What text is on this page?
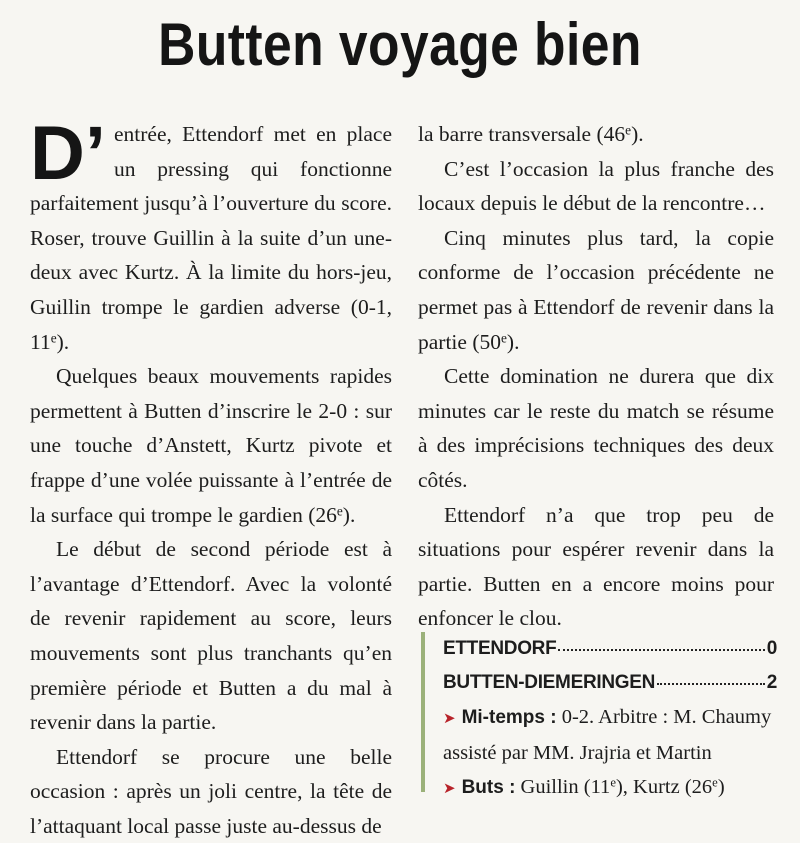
Butten voyage bien

D’ entrée, Ettendorf met en place un pressing qui fonctionne parfaitement jusqu’à l’ouverture du score. Roser, trouve Guillin à la suite d’un une-deux avec Kurtz. À la limite du hors-jeu, Guillin trompe le gardien adverse (0-1, 11e).

Quelques beaux mouvements rapides permettent à Butten d’inscrire le 2-0 : sur une touche d’Anstett, Kurtz pivote et frappe d’une volée puissante à l’entrée de la surface qui trompe le gardien (26e).

Le début de second période est à l’avantage d’Ettendorf. Avec la volonté de revenir rapidement au score, leurs mouvements sont plus tranchants qu’en première période et Butten a du mal à revenir dans la partie.

Ettendorf se procure une belle occasion : après un joli centre, la tête de l’attaquant local passe juste au-dessus de

la barre transversale (46e).

C’est l’occasion la plus franche des locaux depuis le début de la rencontre…

Cinq minutes plus tard, la copie conforme de l’occasion précédente ne permet pas à Ettendorf de revenir dans la partie (50e).

Cette domination ne durera que dix minutes car le reste du match se résume à des imprécisions techniques des deux côtés.

Ettendorf n’a que trop peu de situations pour espérer revenir dans la partie. Butten en a encore moins pour enfoncer le clou.

ETTENDORF	0
BUTTEN-DIEMERINGEN	2
➤ Mi-temps : 0-2. Arbitre : M. Chaumy
assisté par MM. Jrajria et Martin
➤ Buts : Guillin (11e), Kurtz (26e)
